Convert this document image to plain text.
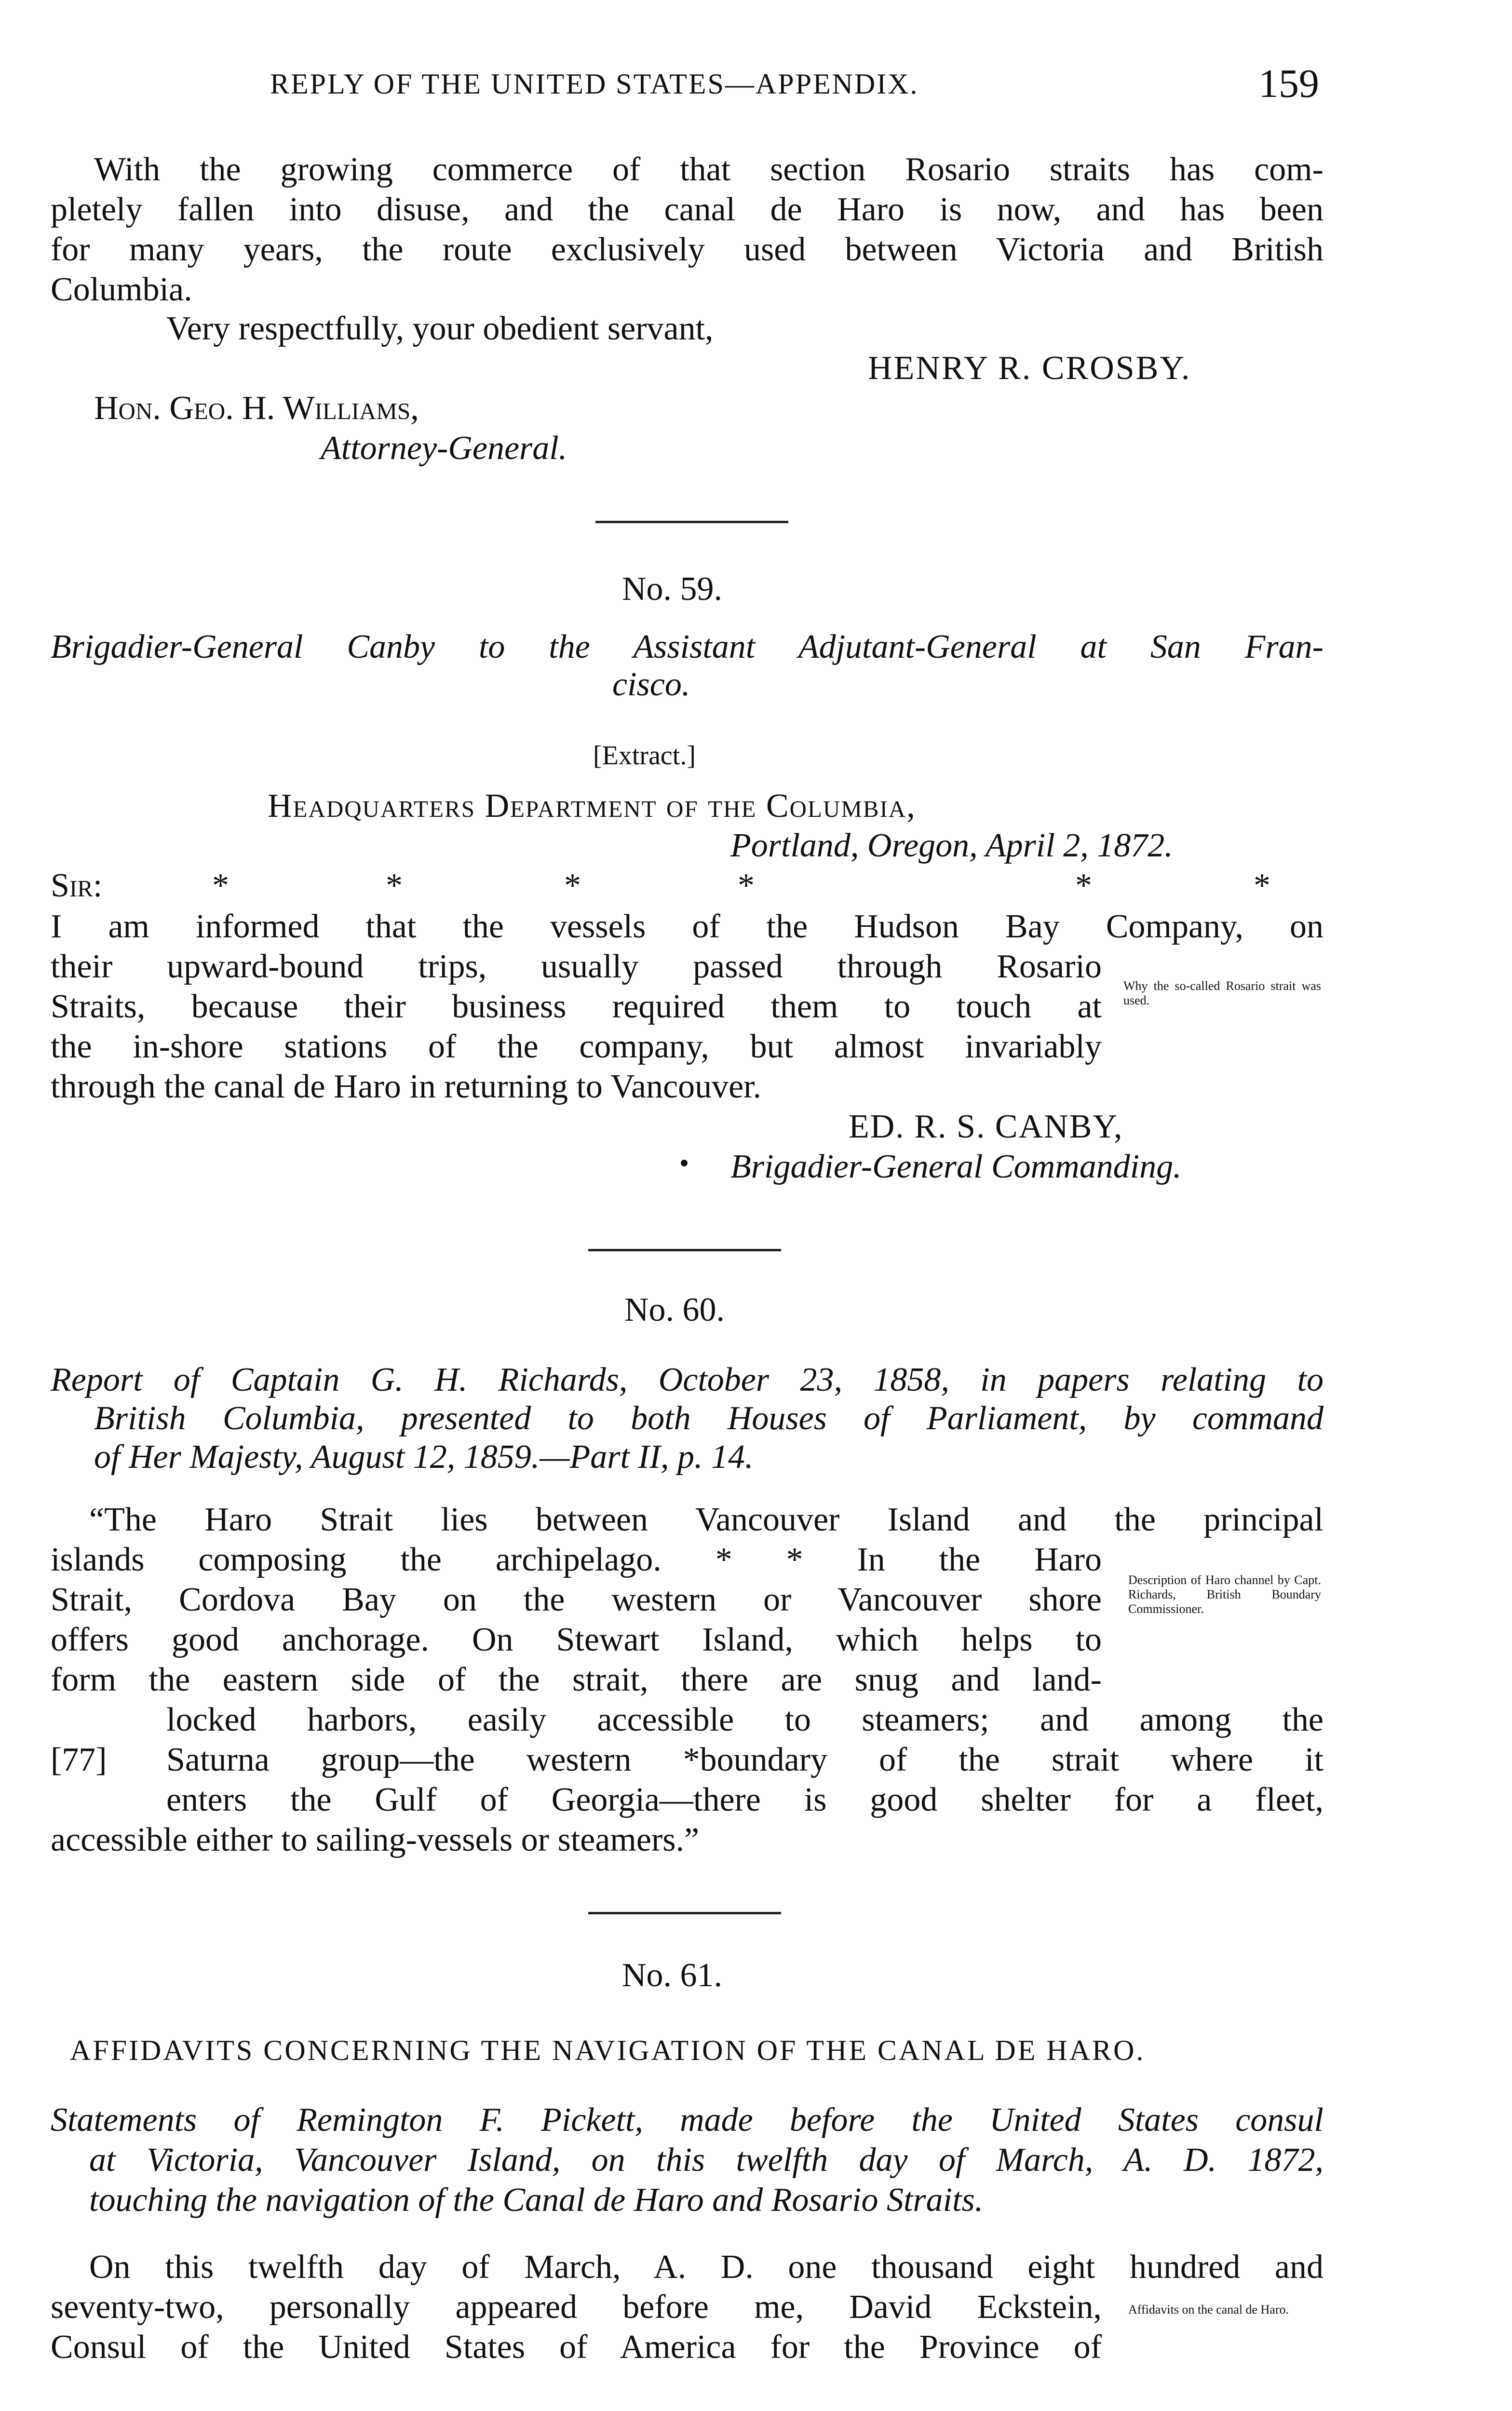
REPLY OF THE UNITED STATES—APPENDIX.	159
With the growing commerce of that section Rosario straits has com-
pletely fallen into disuse, and the canal de Haro is now, and has been
for many years, the route exclusively used between Victoria and British
Columbia.
Very respectfully, your obedient servant,
HENRY R. CROSBY.
Hon. Geo. H. Williams,
Attorney-General.
No. 59.
Brigadier-General Canby to the Assistant Adjutant-General at San Fran-
cisco.
[Extract.]
Headquarters Department of the Columbia,
Portland, Oregon, April 2, 1872.
Sir:	*	*	*	*	*	*
I am informed that the vessels of the Hudson Bay Company, on
their upward-bound trips, usually passed through Rosario
Straits, because their business required them to touch at
the in-shore stations of the company, but almost invariably
through the canal de Haro in returning to Vancouver.
Why the so-called Rosario strait was used.
ED. R. S. CANBY,
Brigadier-General Commanding.
No. 60.
Report of Captain G. H. Richards, October 23, 1858, in papers relating to
British Columbia, presented to both Houses of Parliament, by command
of Her Majesty, August 12, 1859.—Part II, p. 14.
“The Haro Strait lies between Vancouver Island and the principal
islands composing the archipelago. * * In the Haro
Strait, Cordova Bay on the western or Vancouver shore
offers good anchorage. On Stewart Island, which helps to
form the eastern side of the strait, there are snug and land-
locked harbors, easily accessible to steamers; and among the
[77] Saturna group—the western *boundary of the strait where it
enters the Gulf of Georgia—there is good shelter for a fleet,
accessible either to sailing-vessels or steamers.”
Description of Haro channel by Capt. Richards, British Boundary Commissioner.
No. 61.
AFFIDAVITS CONCERNING THE NAVIGATION OF THE CANAL DE HARO.
Statements of Remington F. Pickett, made before the United States consul
at Victoria, Vancouver Island, on this twelfth day of March, A. D. 1872,
touching the navigation of the Canal de Haro and Rosario Straits.
On this twelfth day of March, A. D. one thousand eight hundred and
seventy-two, personally appeared before me, David Eckstein,
Consul of the United States of America for the Province of
Affidavits on the canal de Haro.
